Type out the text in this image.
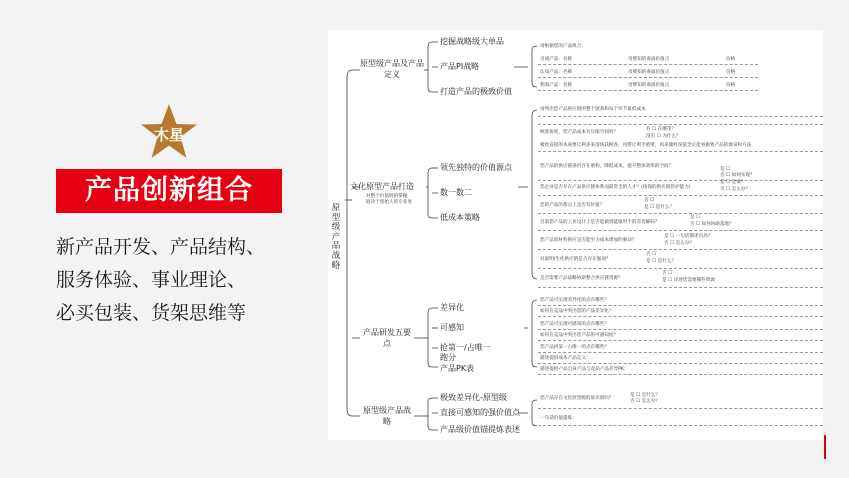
木星
产品创新组合
新产品开发、产品结构、
服务体验、事业理论、
必买包装、货架思维等
原型级产品战略
原型级产品及产品定义
挖掘战略级大单品
产品PI战略
打造产品的极致价值
请根据您的产品组合：
引流产品：名称	母婴知的毒溢价值点	价格
认知产品：名称	母婴知的毒溢价值点	价格
利润产品：名称	母婴知的毒溢价值点	价格
文化原型产品打造
对整个价值链的掌握
取决于创始人的专业度
领先独特的价值源点
数一数二
低成本策略
请列出您产品供应链的整个链条和每个环节最低成本
顾客角度，您产品成本有压缩空间吗？
有 ☐ 在哪里？
没有 ☐ 为什么？
极致直接的本质要让利多来清场获顾客，再带让利手被壁，再来储胜误依念定能看极致产品的源泉和方法
您产品的供应链条仍存在重构，降低成本，提升整体效率的空间？
是 ☐
否 ☐ 如何实现？
您企业是否存在产品供应链体系而最常全的人才？(指保的供应链管护能力)
是 ☐ 是谁？
否 ☐ 怎么办？
您的产品的都点上是否有价值？
否 ☐
是 ☐ 是什么？
目前您产品的工业设计上是否能做到能敏时手的差优解码？
是 ☐
否 ☐ 如何协助落地？
您产品原材料供应是否能至为成本增加的驱动？
是 ☐ 一句话描述贡高？
否 ☐ 怎么办？
对最明/生化供应链是否存在强项？
否 ☐
是 ☐ 是什么？
是否需要产品战略协助整合供应链资源？
否 ☐
是 ☐ 详述您需要哪些资源
产品研发五要点
差异化
可感知
抢第一/占唯一
跑分
产品PK表
您产品可实现差异化的点有哪些？
如何在竞品中突出您的产品差异化？
您产品可实现可感知的点有哪些？
如何在竞品中突出您产品的可感知度？
您产品拼第一占唯一的点有哪些？
描述提供成本产品定义：
描述提供产品自身产品与竞品产品差异PK：
原型级产品战略
极致差异化-原型级
直接可感知的强价值点
产品级价值锚提炼表述
您产品存在文化原型级的易识别吗？
是 ☐ 是什么？
否 ☐ 怎么办？
一句话价值提炼：
